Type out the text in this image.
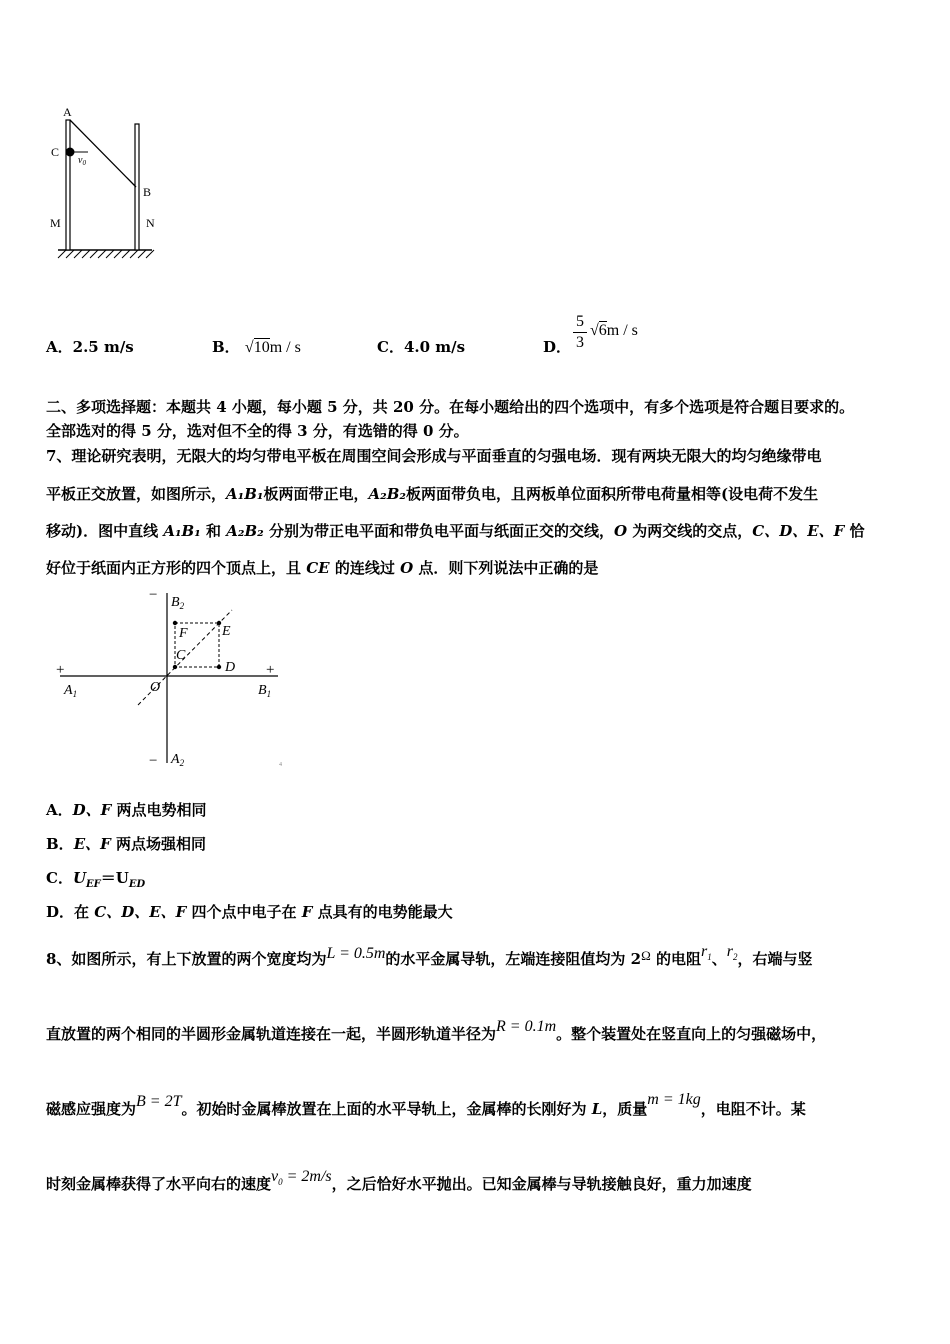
A
C
$v_0$
B
M	N
A．2.5 m/s	B． √10m / s	C．4.0 m/s	D． $\frac{5}{3} √6m$ / s
二、多项选择题：本题共 4 小题，每小题 5 分，共 20 分。在每小题给出的四个选项中，有多个选项是符合题目要求的。
全部选对的得 5 分，选对但不全的得 3 分，有选错的得 0 分。
7、理论研究表明，无限大的均匀带电平板在周围空间会形成与平面垂直的匀强电场．现有两块无限大的均匀绝缘带电
平板正交放置，如图所示，A₁B₁板两面带正电，A₂B₂板两面带负电，且两板单位面积所带电荷量相等(设电荷不发生
移动)．图中直线 A₁B₁ 和 A₂B₂ 分别为带正电平面和带负电平面与纸面正交的交线，O 为两交线的交点，C、D、E、F 恰
好位于纸面内正方形的四个顶点上，且 CE 的连线过 O 点．则下列说法中正确的是
− $B_2$
F E
C
D
+	+
$A_1$	O	$B_1$
− $A_2$	4
A．D、F 两点电势相同
B．E、F 两点场强相同
C．$U_{EF}=U_{ED}$
D．在 C、D、E、F 四个点中电子在 F 点具有的电势能最大
8、如图所示，有上下放置的两个宽度均为L = 0.5m的水平金属导轨，左端连接阻值均为 2Ω 的电阻$r_1$、$r_2$，右端与竖
直放置的两个相同的半圆形金属轨道连接在一起，半圆形轨道半径为R = 0.1m。整个装置处在竖直向上的匀强磁场中，
磁感应强度为B = 2T。初始时金属棒放置在上面的水平导轨上，金属棒的长刚好为 L，质量m = 1kg，电阻不计。某
时刻金属棒获得了水平向右的速度$v_0 = 2m/s$，之后恰好水平抛出。已知金属棒与导轨接触良好，重力加速度
